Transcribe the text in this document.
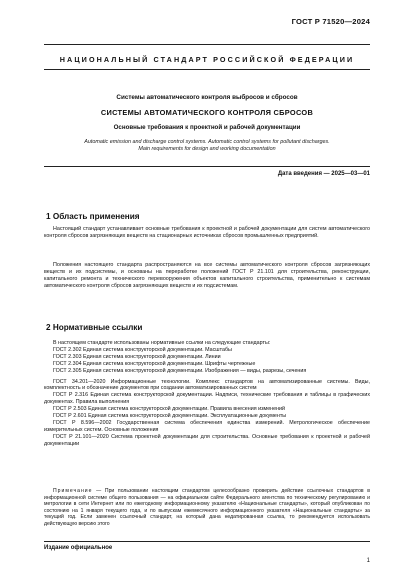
ГОСТ Р 71520—2024
НАЦИОНАЛЬНЫЙ СТАНДАРТ РОССИЙСКОЙ ФЕДЕРАЦИИ
Системы автоматического контроля выбросов и сбросов
СИСТЕМЫ АВТОМАТИЧЕСКОГО КОНТРОЛЯ СБРОСОВ
Основные требования к проектной и рабочей документации
Automatic emission and discharge control systems. Automatic control systems for pollutant discharges.
Main requirements for design and working documentation
Дата введения — 2025—03—01
1 Область применения
Настоящий стандарт устанавливает основные требования к проектной и рабочей документации для систем автоматического контроля сбросов загрязняющих веществ на стационарных источниках сбросов промышленных предприятий.
Положения настоящего стандарта распространяются на все системы автоматического контроля сбросов загрязняющих веществ и их подсистемы, и основаны на переработке положений ГОСТ Р 21.101 для строительства, реконструкции, капитального ремонта и технического перевооружения объектов капитального строительства, применительно к системам автоматического контроля сбросов загрязняющих веществ и их подсистемам.
2 Нормативные ссылки
В настоящем стандарте использованы нормативные ссылки на следующие стандарты:
ГОСТ 2.302 Единая система конструкторской документации. Масштабы
ГОСТ 2.303 Единая система конструкторской документации. Линии
ГОСТ 2.304 Единая система конструкторской документации. Шрифты чертежные
ГОСТ 2.305 Единая система конструкторской документации. Изображения — виды, разрезы, сечения
ГОСТ 34.201—2020 Информационные технологии. Комплекс стандартов на автоматизированные системы. Виды, комплектность и обозначение документов при создании автоматизированных систем
ГОСТ Р 2.316 Единая система конструкторской документации. Надписи, технические требования и таблицы в графических документах. Правила выполнения
ГОСТ Р 2.503 Единая система конструкторской документации. Правила внесения изменений
ГОСТ Р 2.601 Единая система конструкторской документации. Эксплуатационные документы
ГОСТ Р 8.596—2002 Государственная система обеспечения единства измерений. Метрологическое обеспечение измерительных систем. Основные положения
ГОСТ Р 21.101—2020 Система проектной документации для строительства. Основные требования к проектной и рабочей документации
Примечание — При пользовании настоящим стандартом целесообразно проверить действие ссылочных стандартов в информационной системе общего пользования — на официальном сайте Федерального агентства по техническому регулированию и метрологии в сети Интернет или по ежегодному информационному указателю «Национальные стандарты», который опубликован по состоянию на 1 января текущего года, и по выпускам ежемесячного информационного указателя «Национальные стандарты» за текущий год. Если заменен ссылочный стандарт, на который дана недатированная ссылка, то рекомендуется использовать действующую версию этого
Издание официальное
1
